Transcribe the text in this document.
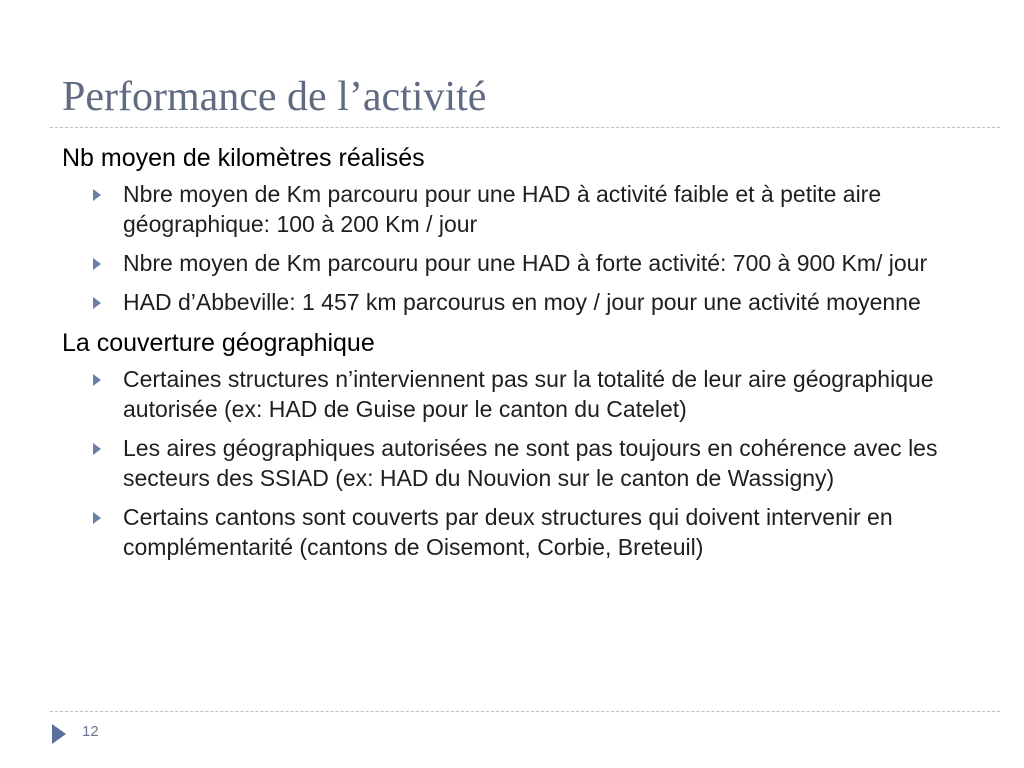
Performance de l’activité
Nb moyen de kilomètres réalisés
Nbre moyen de Km parcouru pour une HAD à activité faible et à petite aire géographique: 100 à 200 Km / jour
Nbre moyen de Km parcouru pour une HAD à forte activité: 700 à 900 Km/ jour
HAD d’Abbeville: 1 457 km parcourus en moy / jour pour une activité moyenne
La couverture géographique
Certaines structures n’interviennent pas sur la totalité de leur aire géographique autorisée (ex: HAD de Guise pour le canton du Catelet)
Les aires géographiques autorisées ne sont pas toujours en cohérence avec les secteurs des SSIAD (ex: HAD du Nouvion sur le canton de Wassigny)
Certains cantons sont couverts par deux structures qui doivent intervenir en complémentarité (cantons de Oisemont, Corbie, Breteuil)
12
